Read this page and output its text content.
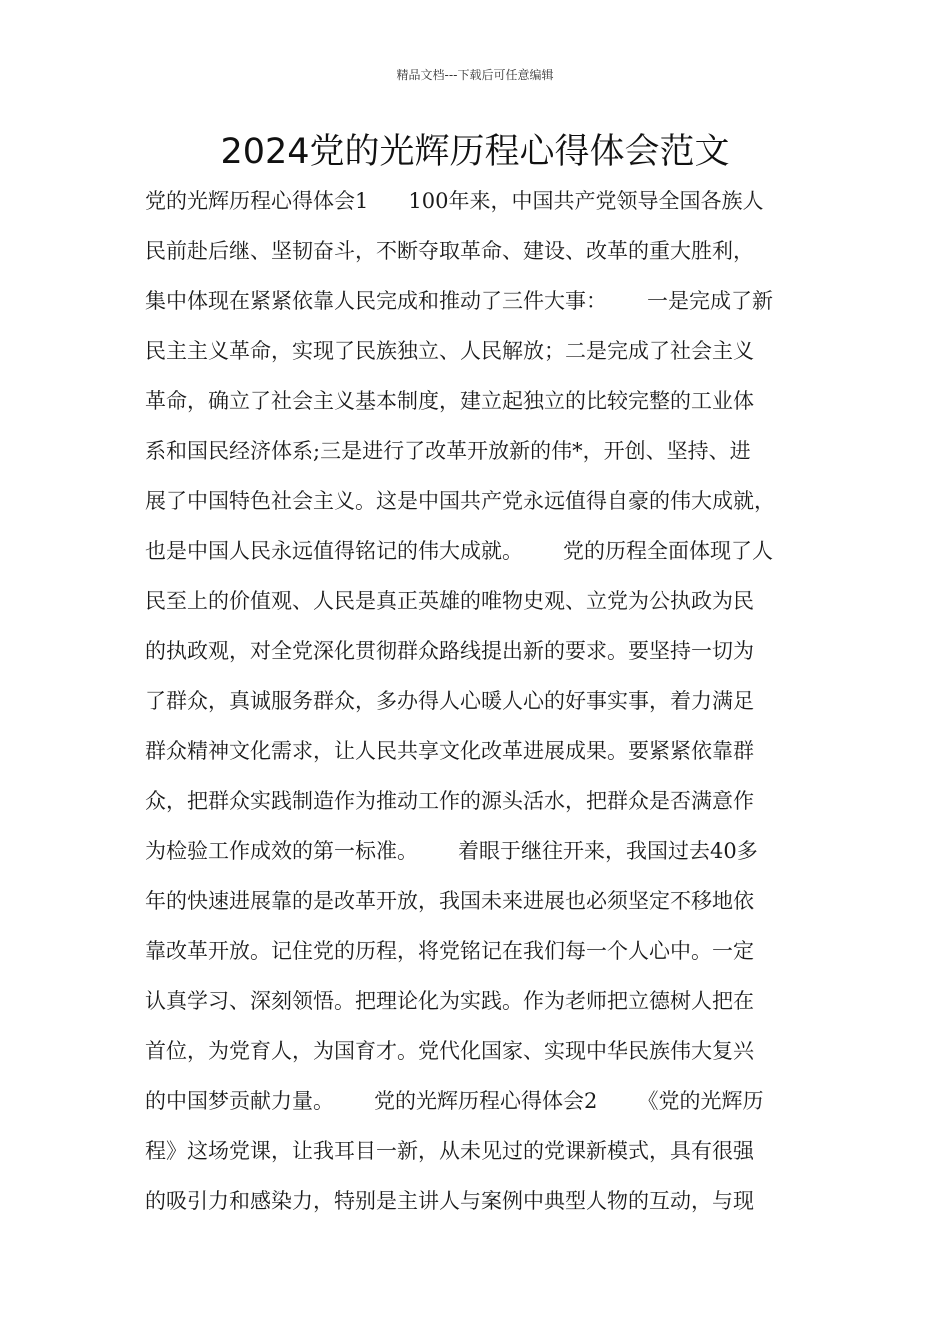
精品文档---下载后可任意编辑
2024党的光辉历程心得体会范文
党的光辉历程心得体会1      100年来，中国共产党领导全国各族人
民前赴后继、坚韧奋斗，不断夺取革命、建设、改革的重大胜利，
集中体现在紧紧依靠人民完成和推动了三件大事：      一是完成了新
民主主义革命，实现了民族独立、人民解放；二是完成了社会主义
革命，确立了社会主义基本制度，建立起独立的比较完整的工业体
系和国民经济体系;三是进行了改革开放新的伟*，开创、坚持、进
展了中国特色社会主义。这是中国共产党永远值得自豪的伟大成就，
也是中国人民永远值得铭记的伟大成就。      党的历程全面体现了人
民至上的价值观、人民是真正英雄的唯物史观、立党为公执政为民
的执政观，对全党深化贯彻群众路线提出新的要求。要坚持一切为
了群众，真诚服务群众，多办得人心暖人心的好事实事，着力满足
群众精神文化需求，让人民共享文化改革进展成果。要紧紧依靠群
众，把群众实践制造作为推动工作的源头活水，把群众是否满意作
为检验工作成效的第一标准。      着眼于继往开来，我国过去40多
年的快速进展靠的是改革开放，我国未来进展也必须坚定不移地依
靠改革开放。记住党的历程，将党铭记在我们每一个人心中。一定
认真学习、深刻领悟。把理论化为实践。作为老师把立德树人把在
首位，为党育人，为国育才。党代化国家、实现中华民族伟大复兴
的中国梦贡献力量。      党的光辉历程心得体会2      《党的光辉历
程》这场党课，让我耳目一新，从未见过的党课新模式，具有很强
的吸引力和感染力，特别是主讲人与案例中典型人物的互动，与现
